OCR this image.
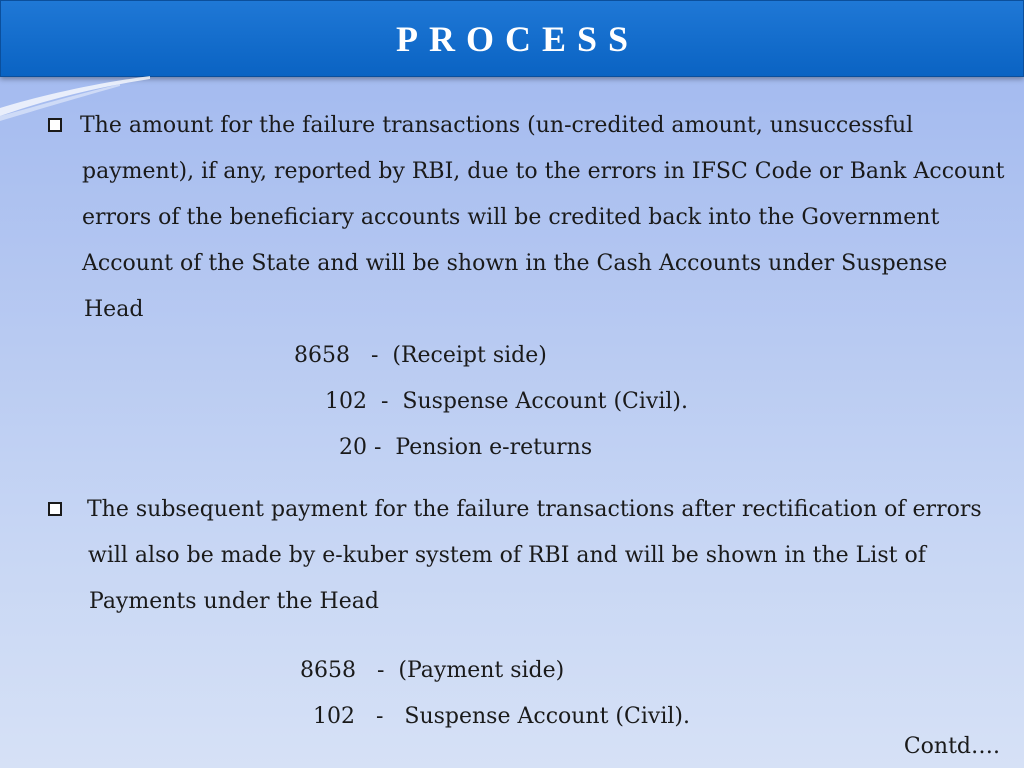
PROCESS
The amount for the failure transactions (un-credited amount, unsuccessful
payment), if any, reported by RBI, due to the errors in IFSC Code or Bank Account
errors of the beneficiary accounts will be credited back into the Government
Account of the State and will be shown in the Cash Accounts under Suspense
Head
8658   -  (Receipt side)
102  -  Suspense Account (Civil).
20 -  Pension e-returns
The subsequent payment for the failure transactions after rectification of errors
will also be made by e-kuber system of RBI and will be shown in the List of
Payments under the Head
8658   -  (Payment side)
102   -   Suspense Account (Civil).
Contd….
